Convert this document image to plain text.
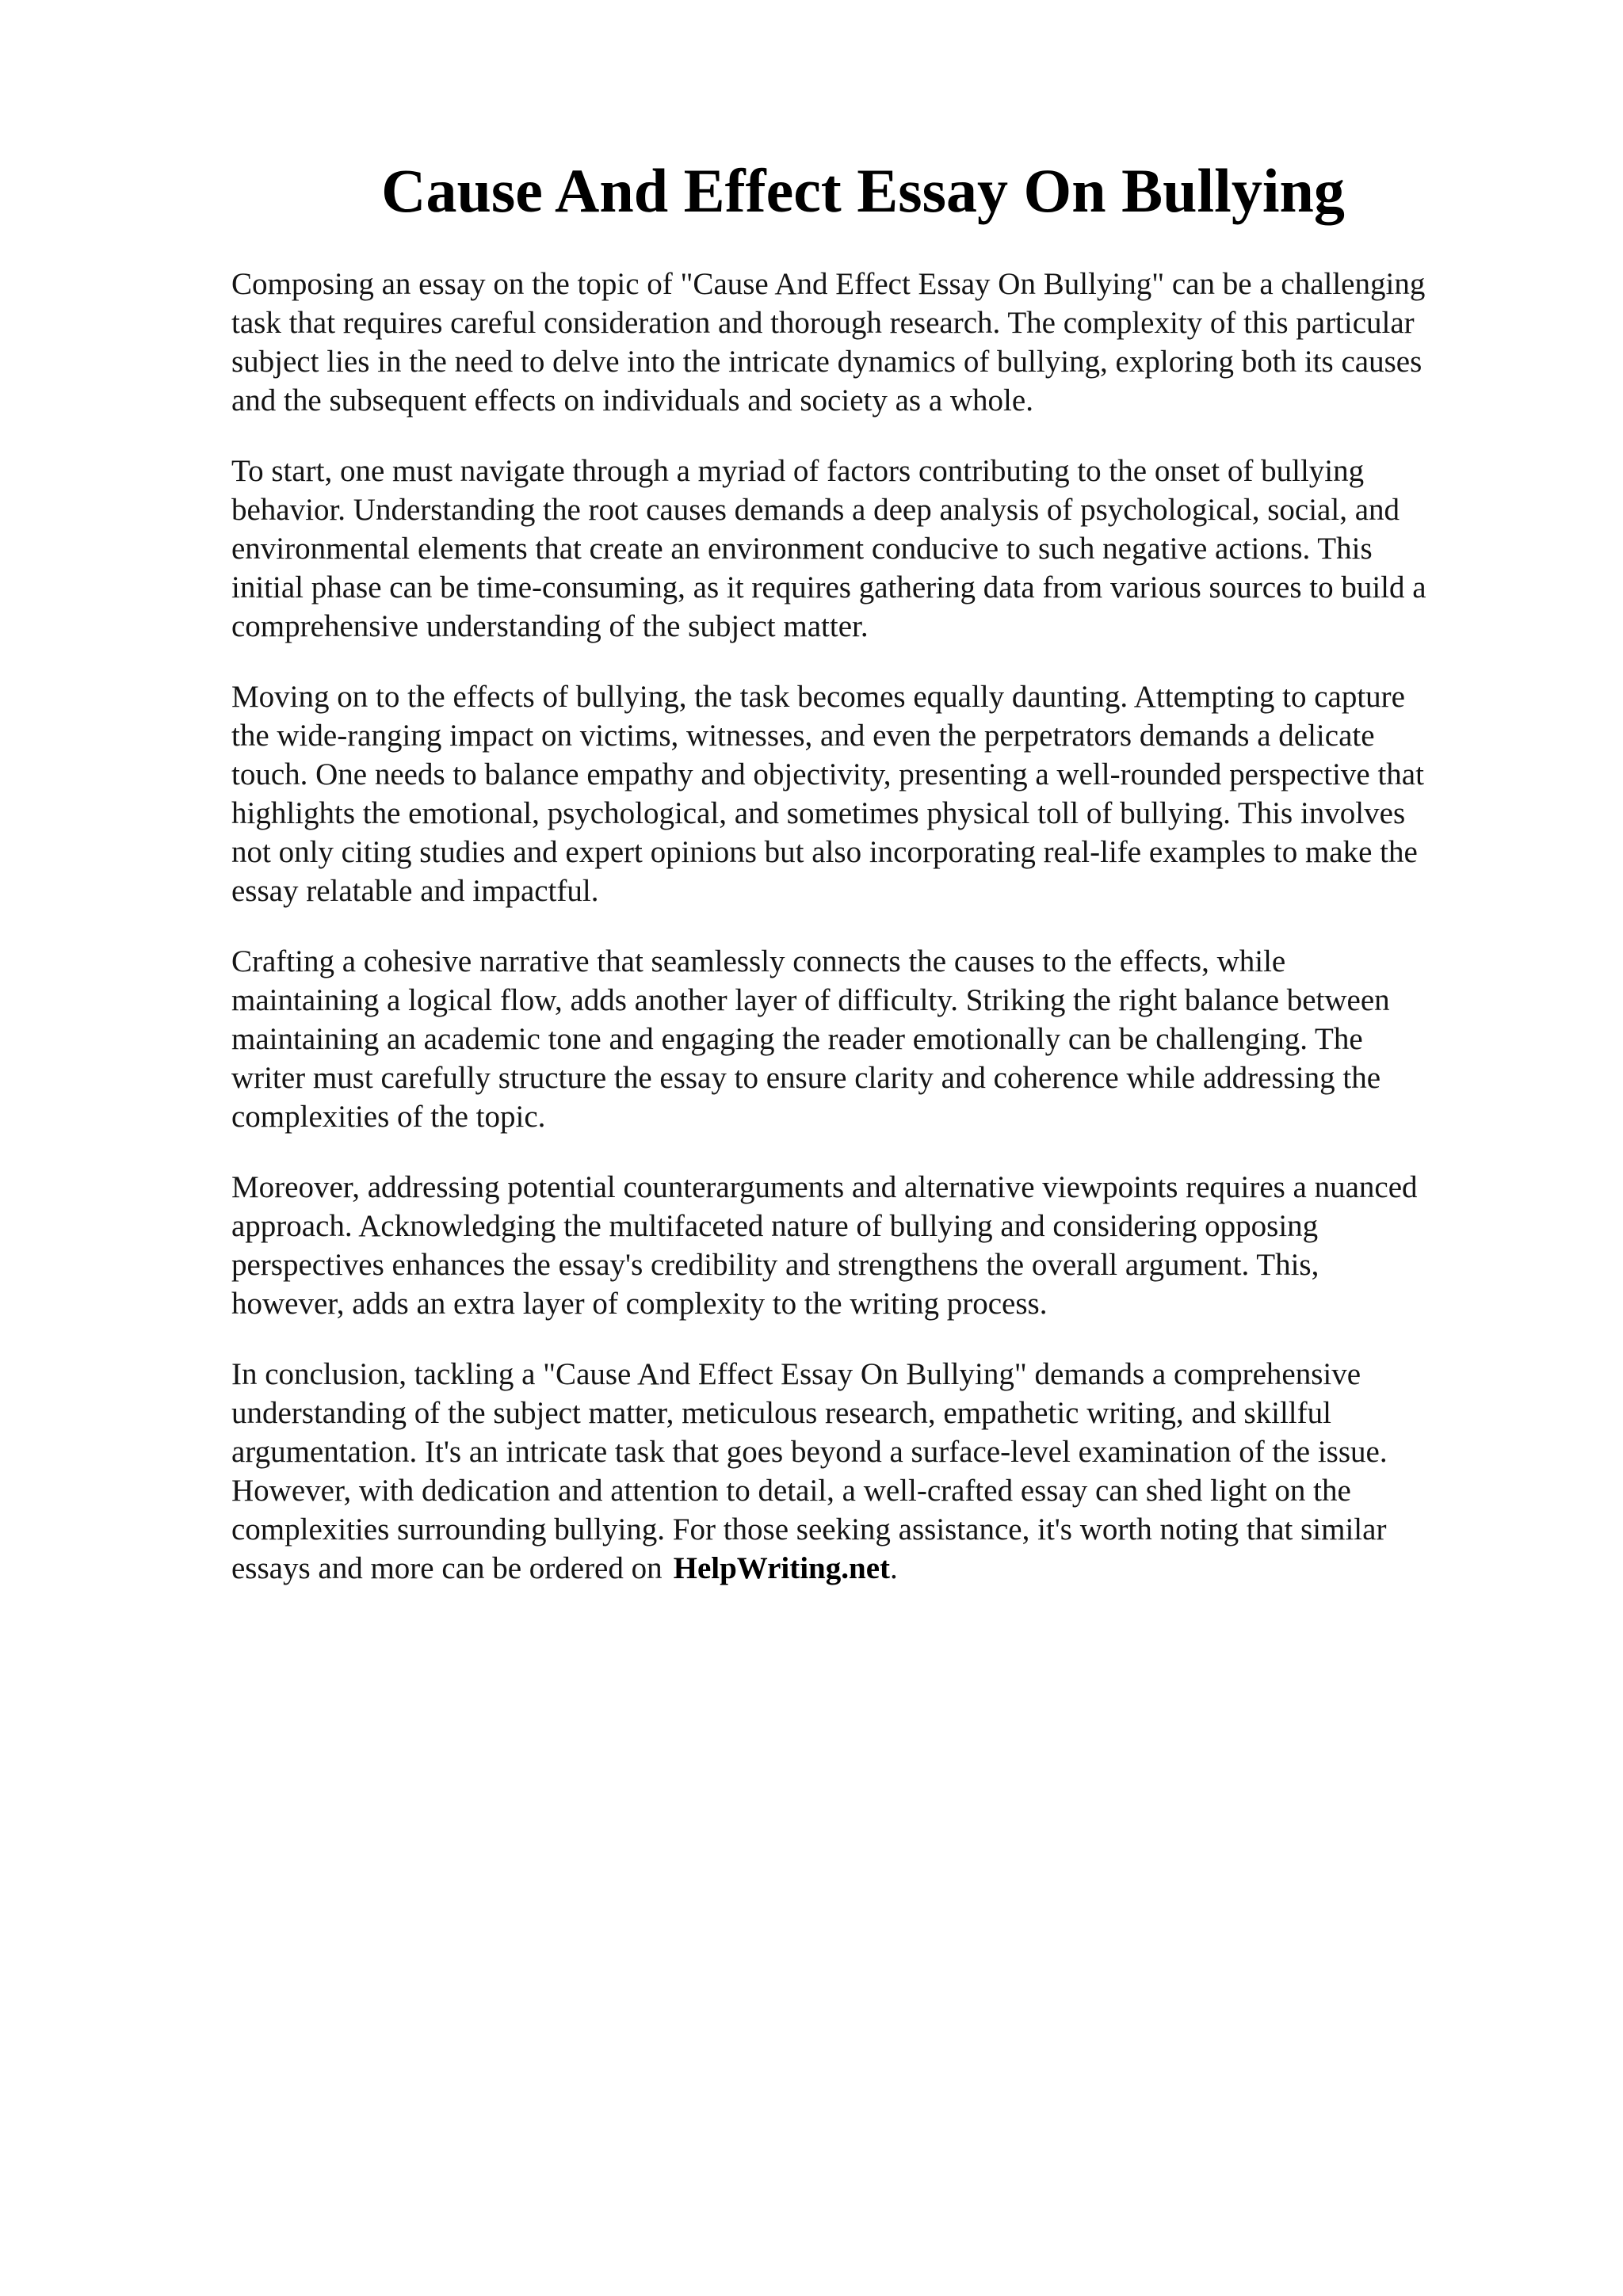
Cause And Effect Essay On Bullying

Composing an essay on the topic of "Cause And Effect Essay On Bullying" can be a challenging
task that requires careful consideration and thorough research. The complexity of this particular
subject lies in the need to delve into the intricate dynamics of bullying, exploring both its causes
and the subsequent effects on individuals and society as a whole.

To start, one must navigate through a myriad of factors contributing to the onset of bullying
behavior. Understanding the root causes demands a deep analysis of psychological, social, and
environmental elements that create an environment conducive to such negative actions. This
initial phase can be time-consuming, as it requires gathering data from various sources to build a
comprehensive understanding of the subject matter.

Moving on to the effects of bullying, the task becomes equally daunting. Attempting to capture
the wide-ranging impact on victims, witnesses, and even the perpetrators demands a delicate
touch. One needs to balance empathy and objectivity, presenting a well-rounded perspective that
highlights the emotional, psychological, and sometimes physical toll of bullying. This involves
not only citing studies and expert opinions but also incorporating real-life examples to make the
essay relatable and impactful.

Crafting a cohesive narrative that seamlessly connects the causes to the effects, while
maintaining a logical flow, adds another layer of difficulty. Striking the right balance between
maintaining an academic tone and engaging the reader emotionally can be challenging. The
writer must carefully structure the essay to ensure clarity and coherence while addressing the
complexities of the topic.

Moreover, addressing potential counterarguments and alternative viewpoints requires a nuanced
approach. Acknowledging the multifaceted nature of bullying and considering opposing
perspectives enhances the essay's credibility and strengthens the overall argument. This,
however, adds an extra layer of complexity to the writing process.

In conclusion, tackling a "Cause And Effect Essay On Bullying" demands a comprehensive
understanding of the subject matter, meticulous research, empathetic writing, and skillful
argumentation. It's an intricate task that goes beyond a surface-level examination of the issue.
However, with dedication and attention to detail, a well-crafted essay can shed light on the
complexities surrounding bullying. For those seeking assistance, it's worth noting that similar
essays and more can be ordered on HelpWriting.net.
